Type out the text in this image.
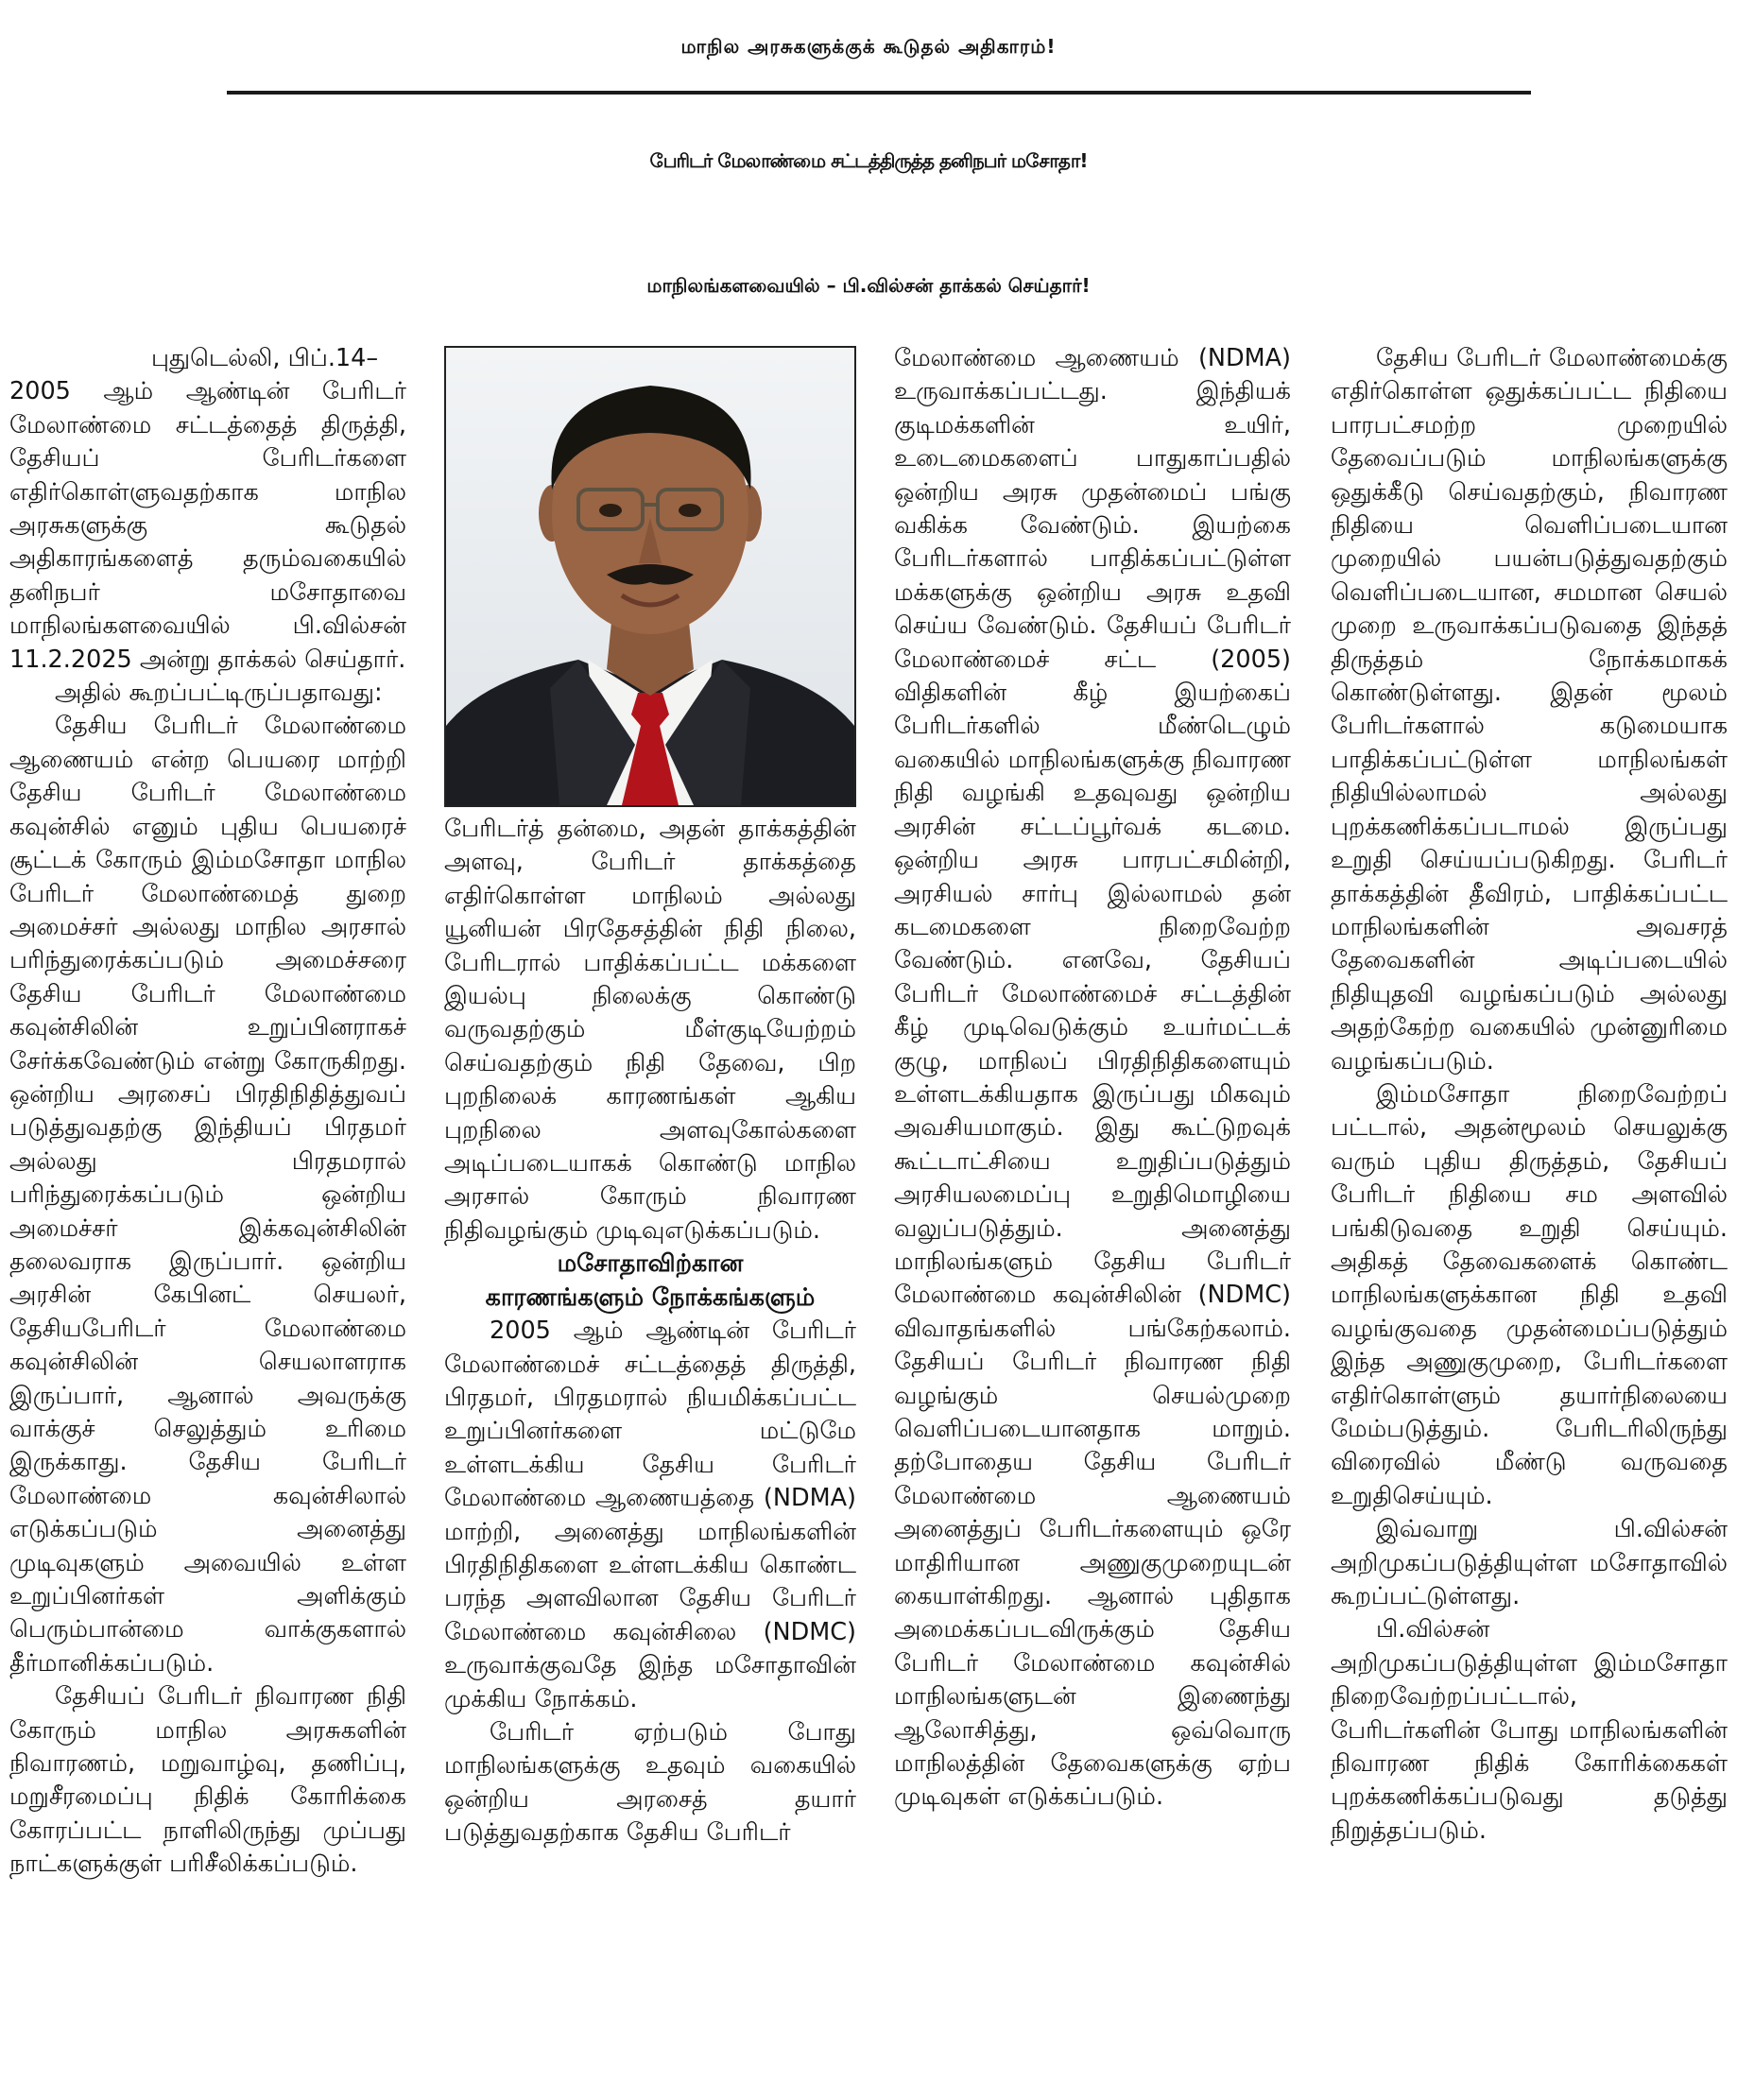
மாநில அரசுகளுக்குக் கூடுதல் அதிகாரம்!
பேரிடர் மேலாண்மை சட்டத்திருத்த தனிநபர் மசோதா!
மாநிலங்களவையில் – பி.வில்சன் தாக்கல் செய்தார்!

புதுடெல்லி, பிப்.14–

2005 ஆம் ஆண்டின் பேரிடர் மேலாண்மை சட்டத்தைத் திருத்தி, தேசியப் பேரிடர்களை எதிர்கொள்ளுவதற்காக மாநில அரசுகளுக்கு கூடுதல் அதிகாரங்களைத் தரும்வகையில் தனிநபர் மசோதாவை மாநிலங்களவையில் பி.வில்சன் 11.2.2025 அன்று தாக்கல் செய்தார்.

அதில் கூறப்பட்டிருப்பதாவது:

தேசிய பேரிடர் மேலாண்மை ஆணையம் என்ற பெயரை மாற்றி தேசிய பேரிடர் மேலாண்மை கவுன்சில் எனும் புதிய பெயரைச் சூட்டக் கோரும் இம்மசோதா மாநில பேரிடர் மேலாண்மைத் துறை அமைச்சர் அல்லது மாநில அரசால் பரிந்துரைக்கப்படும் அமைச்சரை தேசிய பேரிடர் மேலாண்மை கவுன்சிலின் உறுப்பினராகச் சேர்க்கவேண்டும் என்று கோருகிறது. ஒன்றிய அரசைப் பிரதிநிதித்துவப் படுத்துவதற்கு இந்தியப் பிரதமர் அல்லது பிரதமரால் பரிந்துரைக்கப்படும் ஒன்றிய அமைச்சர் இக்கவுன்சிலின் தலைவராக இருப்பார். ஒன்றிய அரசின் கேபினட் செயலர், தேசியபேரிடர் மேலாண்மை கவுன்சிலின் செயலாளராக இருப்பார், ஆனால் அவருக்கு வாக்குச் செலுத்தும் உரிமை இருக்காது. தேசிய பேரிடர் மேலாண்மை கவுன்சிலால் எடுக்கப்படும் அனைத்து முடிவுகளும் அவையில் உள்ள உறுப்பினர்கள் அளிக்கும் பெரும்பான்மை வாக்குகளால் தீர்மானிக்கப்படும்.

தேசியப் பேரிடர் நிவாரண நிதி கோரும் மாநில அரசுகளின் நிவாரணம், மறுவாழ்வு, தணிப்பு, மறுசீரமைப்பு நிதிக் கோரிக்கை கோரப்பட்ட நாளிலிருந்து முப்பது நாட்களுக்குள் பரிசீலிக்கப்படும்.

பேரிடர்த் தன்மை, அதன் தாக்கத்தின் அளவு, பேரிடர் தாக்கத்தை எதிர்கொள்ள மாநிலம் அல்லது யூனியன் பிரதேசத்தின் நிதி நிலை, பேரிடரால் பாதிக்கப்பட்ட மக்களை இயல்பு நிலைக்கு கொண்டு வருவதற்கும் மீள்குடியேற்றம் செய்வதற்கும் நிதி தேவை, பிற புறநிலைக் காரணங்கள் ஆகிய புறநிலை அளவுகோல்களை அடிப்படையாகக் கொண்டு மாநில அரசால் கோரும் நிவாரண நிதிவழங்கும் முடிவுஎடுக்கப்படும்.

மசோதாவிற்கான

காரணங்களும் நோக்கங்களும்

2005 ஆம் ஆண்டின் பேரிடர் மேலாண்மைச் சட்டத்தைத் திருத்தி, பிரதமர், பிரதமரால் நியமிக்கப்பட்ட உறுப்பினர்களை மட்டுமே உள்ளடக்கிய தேசிய பேரிடர் மேலாண்மை ஆணையத்தை (NDMA) மாற்றி, அனைத்து மாநிலங்களின் பிரதிநிதிகளை உள்ளடக்கிய கொண்ட பரந்த அளவிலான தேசிய பேரிடர் மேலாண்மை கவுன்சிலை (NDMC) உருவாக்குவதே இந்த மசோதாவின் முக்கிய நோக்கம்.

பேரிடர் ஏற்படும் போது மாநிலங்களுக்கு உதவும் வகையில் ஒன்றிய அரசைத் தயார் படுத்துவதற்காக தேசிய பேரிடர்

மேலாண்மை ஆணையம் (NDMA) உருவாக்கப்பட்டது. இந்தியக் குடிமக்களின் உயிர், உடைமைகளைப் பாதுகாப்பதில் ஒன்றிய அரசு முதன்மைப் பங்கு வகிக்க வேண்டும். இயற்கை பேரிடர்களால் பாதிக்கப்பட்டுள்ள மக்களுக்கு ஒன்றிய அரசு உதவி செய்ய வேண்டும். தேசியப் பேரிடர் மேலாண்மைச் சட்ட (2005) விதிகளின் கீழ் இயற்கைப் பேரிடர்களில் மீண்டெழும் வகையில் மாநிலங்களுக்கு நிவாரண நிதி வழங்கி உதவுவது ஒன்றிய அரசின் சட்டப்பூர்வக் கடமை. ஒன்றிய அரசு பாரபட்சமின்றி, அரசியல் சார்பு இல்லாமல் தன் கடமைகளை நிறைவேற்ற வேண்டும். எனவே, தேசியப் பேரிடர் மேலாண்மைச் சட்டத்தின் கீழ் முடிவெடுக்கும் உயர்மட்டக் குழு, மாநிலப் பிரதிநிதிகளையும் உள்ளடக்கியதாக இருப்பது மிகவும் அவசியமாகும். இது கூட்டுறவுக் கூட்டாட்சியை உறுதிப்படுத்தும் அரசியலமைப்பு உறுதிமொழியை வலுப்படுத்தும். அனைத்து மாநிலங்களும் தேசிய பேரிடர் மேலாண்மை கவுன்சிலின் (NDMC) விவாதங்களில் பங்கேற்கலாம். தேசியப் பேரிடர் நிவாரண நிதி வழங்கும் செயல்முறை வெளிப்படையானதாக மாறும். தற்போதைய தேசிய பேரிடர் மேலாண்மை ஆணையம் அனைத்துப் பேரிடர்களையும் ஒரே மாதிரியான அணுகுமுறையுடன் கையாள்கிறது. ஆனால் புதிதாக அமைக்கப்படவிருக்கும் தேசிய பேரிடர் மேலாண்மை கவுன்சில் மாநிலங்களுடன் இணைந்து ஆலோசித்து, ஒவ்வொரு மாநிலத்தின் தேவைகளுக்கு ஏற்ப முடிவுகள் எடுக்கப்படும்.

தேசிய பேரிடர் மேலாண்மைக்கு எதிர்கொள்ள ஒதுக்கப்பட்ட நிதியை பாரபட்சமற்ற முறையில் தேவைப்படும் மாநிலங்களுக்கு ஒதுக்கீடு செய்வதற்கும், நிவாரண நிதியை வெளிப்படையான முறையில் பயன்படுத்துவதற்கும் வெளிப்படையான, சமமான செயல் முறை உருவாக்கப்படுவதை இந்தத் திருத்தம் நோக்கமாகக் கொண்டுள்ளது. இதன் மூலம் பேரிடர்களால் கடுமையாக பாதிக்கப்பட்டுள்ள மாநிலங்கள் நிதியில்லாமல் அல்லது புறக்கணிக்கப்படாமல் இருப்பது உறுதி செய்யப்படுகிறது. பேரிடர் தாக்கத்தின் தீவிரம், பாதிக்கப்பட்ட மாநிலங்களின் அவசரத் தேவைகளின் அடிப்படையில் நிதியுதவி வழங்கப்படும் அல்லது அதற்கேற்ற வகையில் முன்னுரிமை வழங்கப்படும்.

இம்மசோதா நிறைவேற்றப் பட்டால், அதன்மூலம் செயலுக்கு வரும் புதிய திருத்தம், தேசியப் பேரிடர் நிதியை சம அளவில் பங்கிடுவதை உறுதி செய்யும். அதிகத் தேவைகளைக் கொண்ட மாநிலங்களுக்கான நிதி உதவி வழங்குவதை முதன்மைப்படுத்தும் இந்த அணுகுமுறை, பேரிடர்களை எதிர்கொள்ளும் தயார்நிலையை மேம்படுத்தும். பேரிடரிலிருந்து விரைவில் மீண்டு வருவதை உறுதிசெய்யும்.

இவ்வாறு பி.வில்சன் அறிமுகப்படுத்தியுள்ள மசோதாவில் கூறப்பட்டுள்ளது.

பி.வில்சன் அறிமுகப்படுத்தியுள்ள இம்மசோதா நிறைவேற்றப்பட்டால், பேரிடர்களின் போது மாநிலங்களின் நிவாரண நிதிக் கோரிக்கைகள் புறக்கணிக்கப்படுவது தடுத்து நிறுத்தப்படும்.
